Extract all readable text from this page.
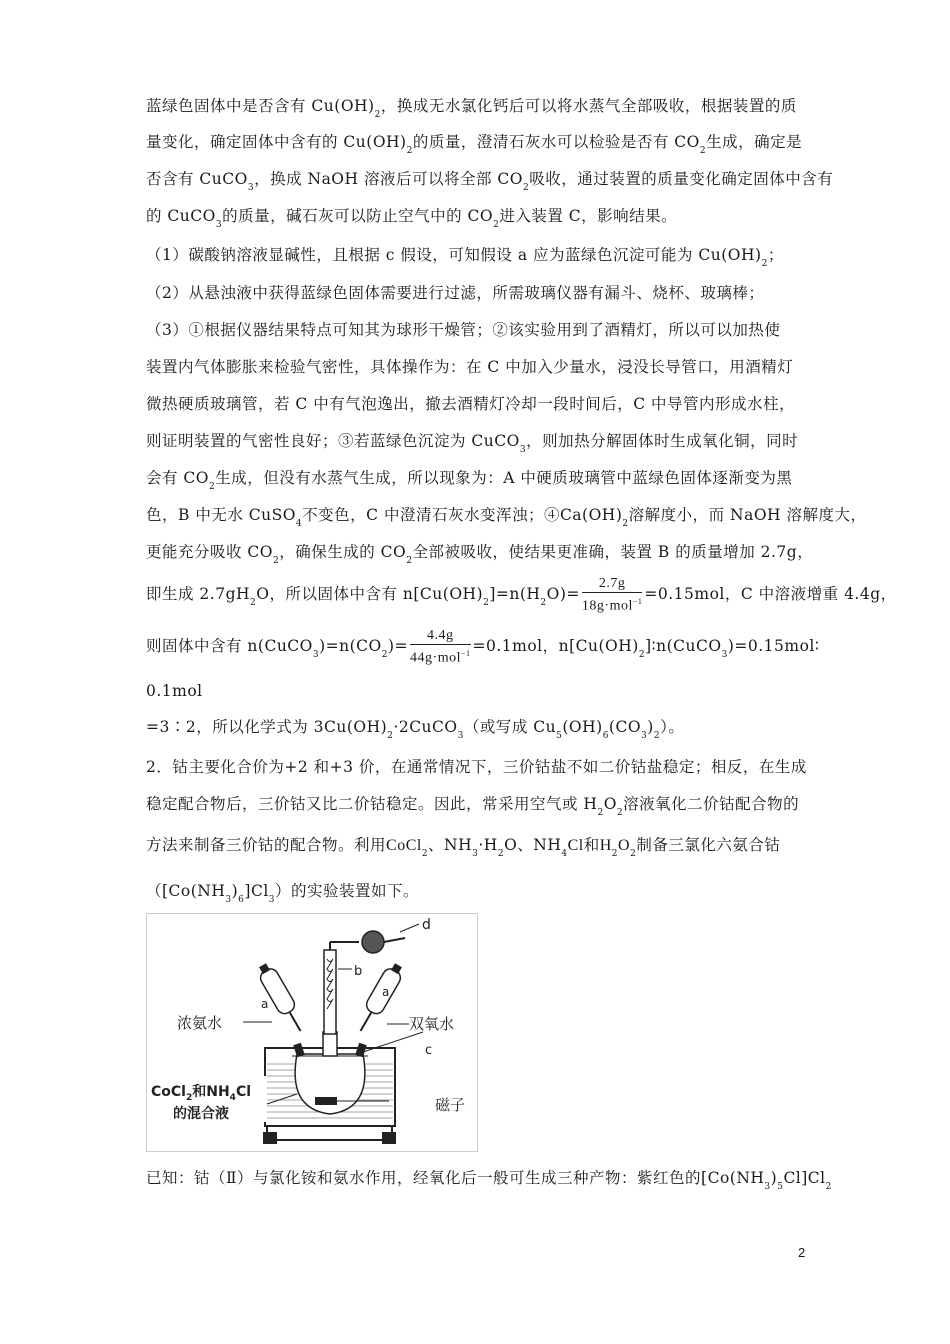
蓝绿色固体中是否含有 $Cu(OH)_2$，换成无水氯化钙后可以将水蒸气全部吸收，根据装置的质
量变化，确定固体中含有的 $Cu(OH)_2$的质量，澄清石灰水可以检验是否有 $CO_2$生成，确定是
否含有 CuCO$_3$，换成 NaOH 溶液后可以将全部 $CO_2$吸收，通过装置的质量变化确定固体中含有
的 CuCO$_3$的质量，碱石灰可以防止空气中的 $CO_2$进入装置 C，影响结果。
（1）碳酸钠溶液显碱性，且根据 c 假设，可知假设 a 应为蓝绿色沉淀可能为 $Cu(OH)_2$；
（2）从悬浊液中获得蓝绿色固体需要进行过滤，所需玻璃仪器有漏斗、烧杯、玻璃棒；
（3）①根据仪器结果特点可知其为球形干燥管；②该实验用到了酒精灯，所以可以加热使
装置内气体膨胀来检验气密性，具体操作为：在 C 中加入少量水，浸没长导管口，用酒精灯
微热硬质玻璃管，若 C 中有气泡逸出，撤去酒精灯冷却一段时间后，C 中导管内形成水柱，
则证明装置的气密性良好；③若蓝绿色沉淀为 CuCO$_3$，则加热分解固体时生成氧化铜，同时
会有 $CO_2$生成，但没有水蒸气生成，所以现象为：A 中硬质玻璃管中蓝绿色固体逐渐变为黑
色，B 中无水 CuSO$_4$不变色，C 中澄清石灰水变浑浊；$④Ca(OH)_2$溶解度小，而 NaOH 溶解度大，
更能充分吸收 $CO_2$，确保生成的 $CO_2$全部被吸收，使结果更准确，装置 B 的质量增加 2.7g，
即生成 $2.7gH_2O$，所以固体中含有 $n[Cu(OH)_2]=n(H_2O)= \frac{2.7g}{18g\cdot mol^{-1}} =0.15mol$，C 中溶液增重 4.4g，
则固体中含有 $n(CuCO_3)=n(CO_2)= \frac{4.4g}{44g\cdot mol^{-1}} =0.1mol$，$n[Cu(OH)_2]∶n(CuCO_3)=0.15mol∶$
0.1mol
=3∶2，所以化学式为 $3Cu(OH)_2\cdot 2CuCO_3$（或写成 $Cu_5(OH)_6(CO_3)_2$）。
2．钴主要化合价为+2 和+3 价，在通常情况下，三价钴盐不如二价钴盐稳定；相反，在生成
稳定配合物后，三价钴又比二价钴稳定。因此，常采用空气或 $H_2O_2$溶液氧化二价钴配合物的
方法来制备三价钴的配合物。利用CoCl$_2$、$NH_3\cdot H_2O$、$NH_4Cl$和$H_2O_2$制备三氯化六氨合钴
$([Co(NH_3)_6]Cl_3)$的实验装置如下。
d
b
a
a
浓氨水	双氧水
c
CoCl$_2$和$NH_4Cl$
的混合液	磁子
已知：钴（Ⅱ）与氯化铵和氨水作用，经氧化后一般可生成三种产物：紫红色的$[Co(NH_3)_5Cl]Cl_2$
2
